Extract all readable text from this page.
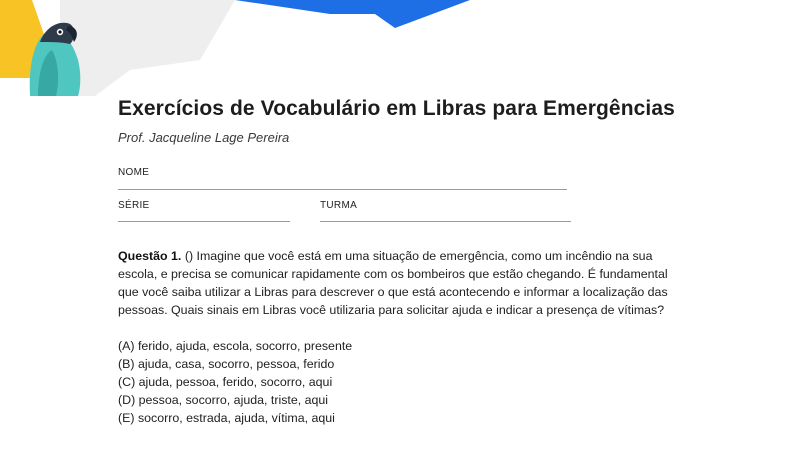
Exercícios de Vocabulário em Libras para Emergências
Prof. Jacqueline Lage Pereira
NOME
SÉRIE	TURMA
Questão 1. () Imagine que você está em uma situação de emergência, como um incêndio na sua escola, e precisa se comunicar rapidamente com os bombeiros que estão chegando. É fundamental que você saiba utilizar a Libras para descrever o que está acontecendo e informar a localização das pessoas. Quais sinais em Libras você utilizaria para solicitar ajuda e indicar a presença de vítimas?
(A) ferido, ajuda, escola, socorro, presente
(B) ajuda, casa, socorro, pessoa, ferido
(C) ajuda, pessoa, ferido, socorro, aqui
(D) pessoa, socorro, ajuda, triste, aqui
(E) socorro, estrada, ajuda, vítima, aqui
